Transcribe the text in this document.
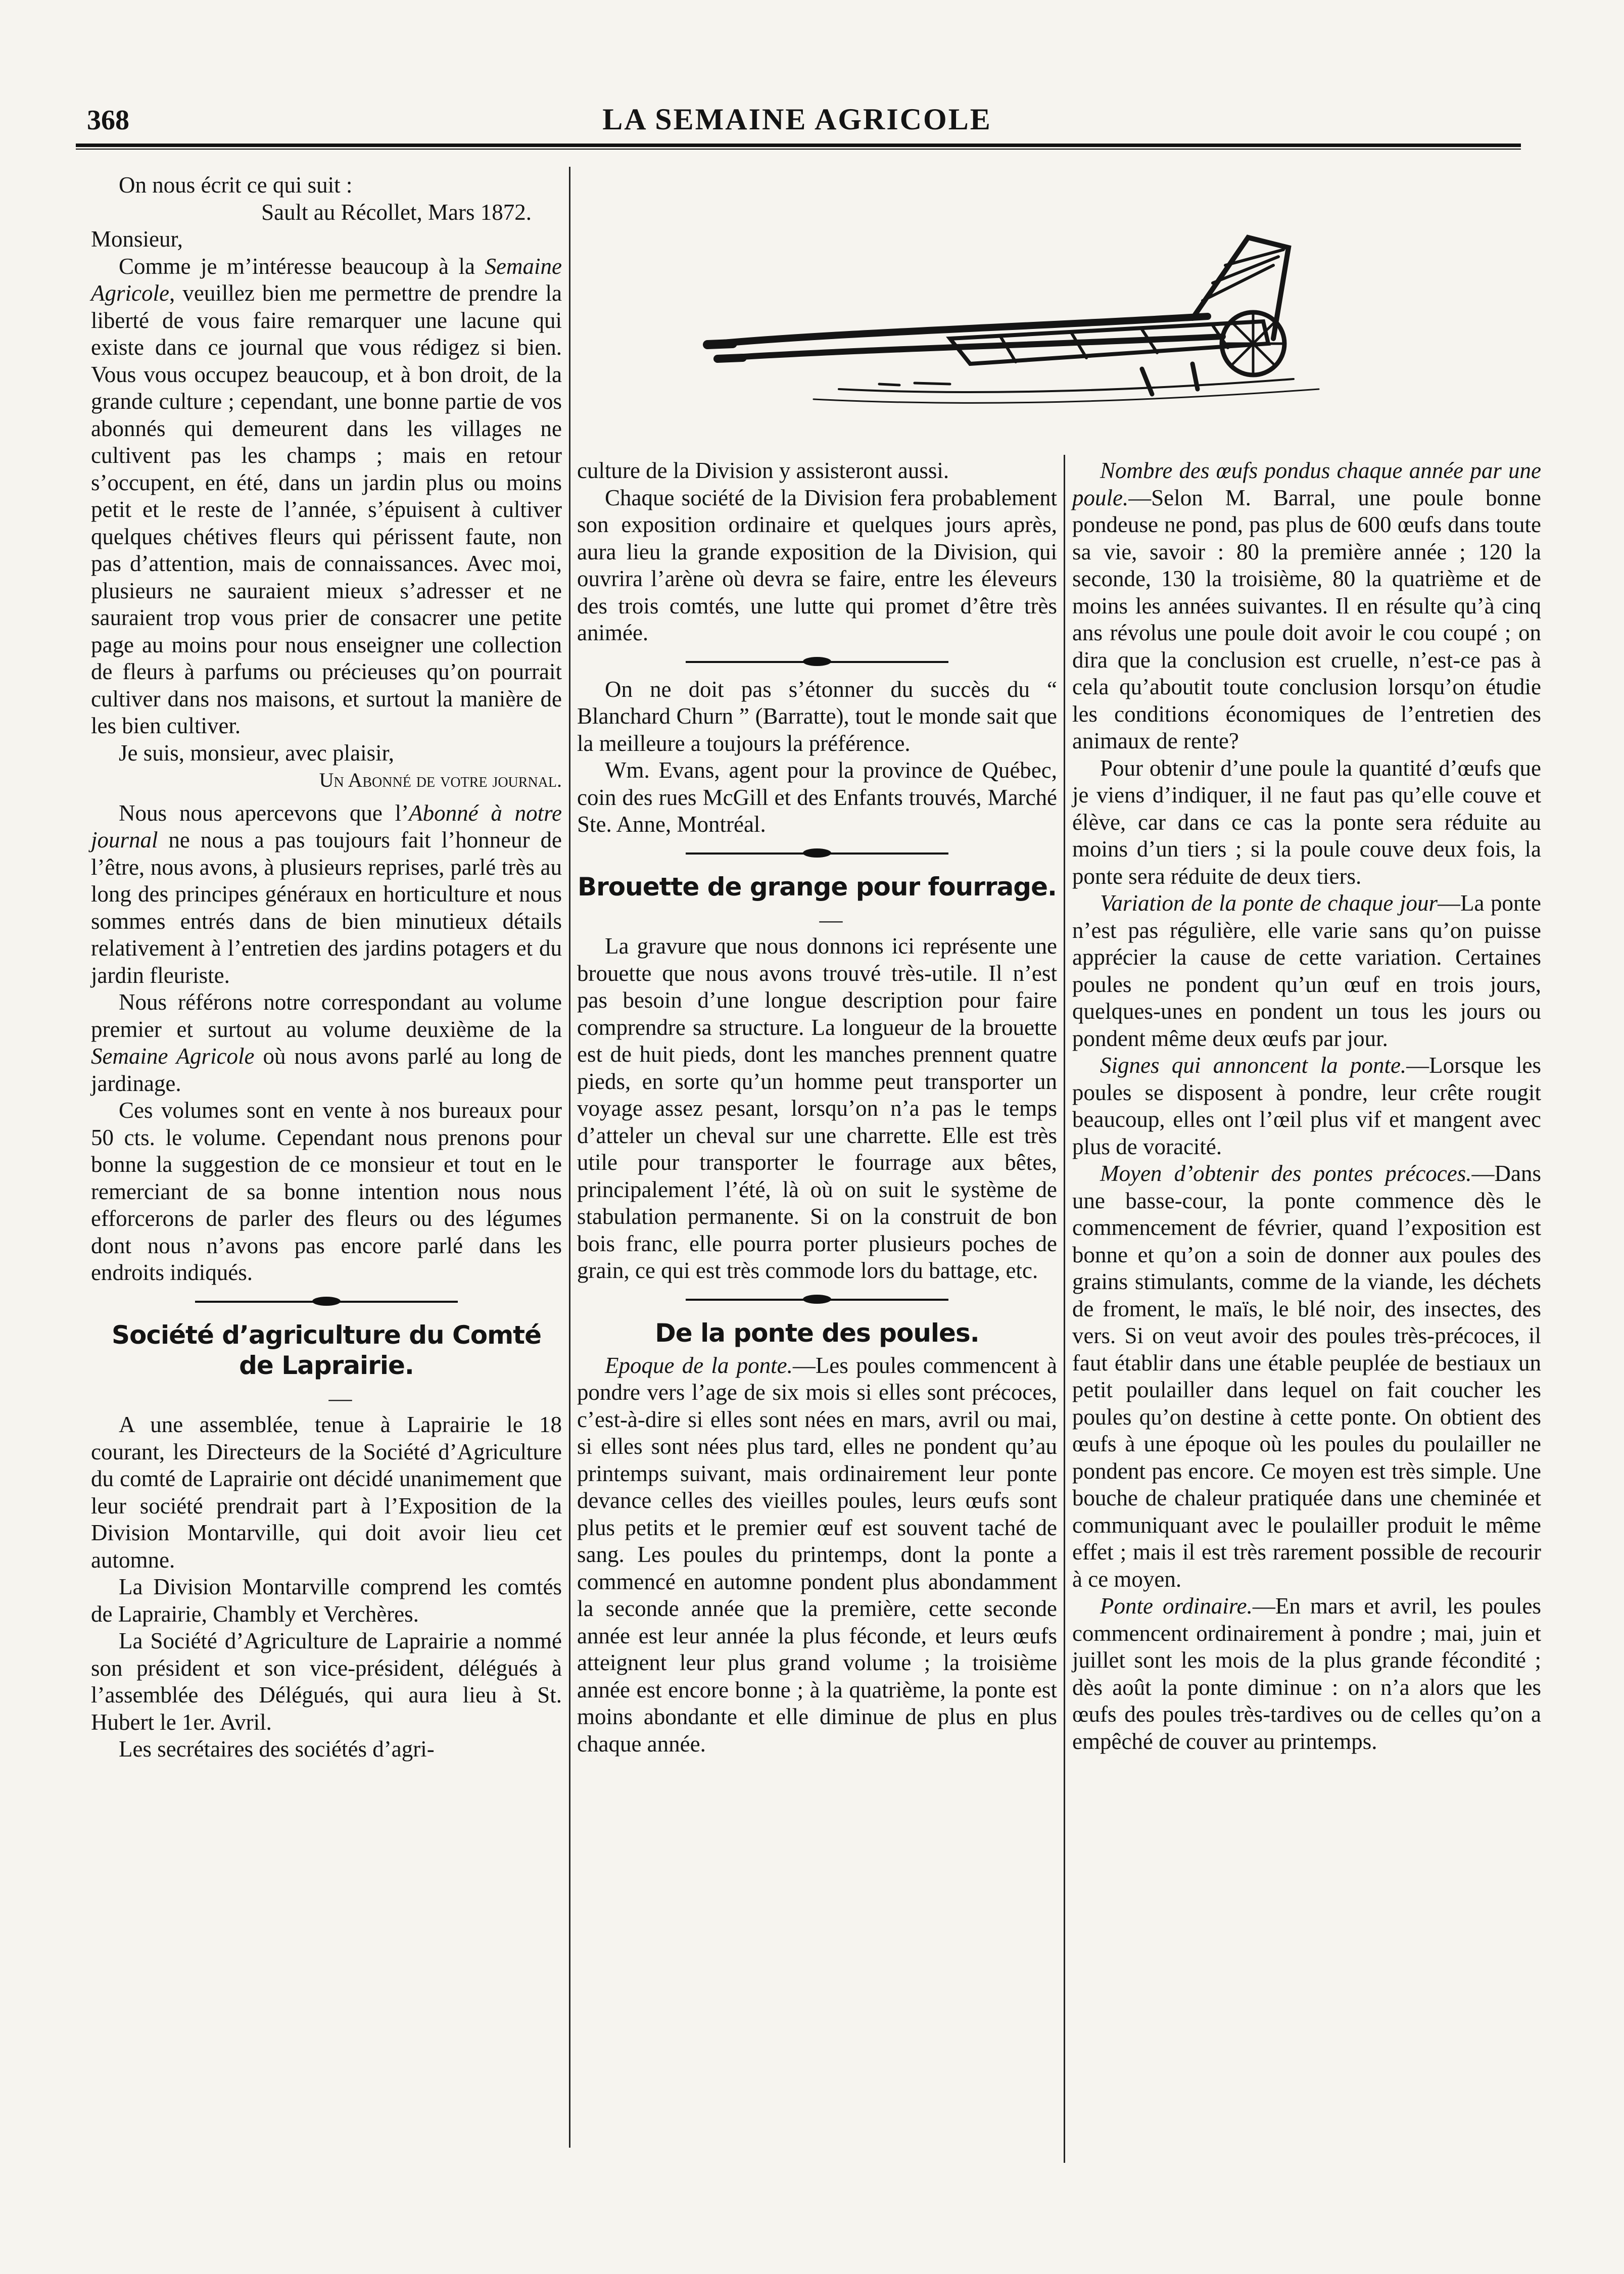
368	LA SEMAINE AGRICOLE

On nous écrit ce qui suit :

Sault au Récollet, Mars 1872.

Monsieur,

Comme je m’intéresse beaucoup à la Semaine Agricole, veuillez bien me permettre de prendre la liberté de vous faire remarquer une lacune qui existe dans ce journal que vous rédigez si bien. Vous vous occupez beaucoup, et à bon droit, de la grande culture ; cependant, une bonne partie de vos abonnés qui demeurent dans les villages ne cultivent pas les champs ; mais en retour s’occupent, en été, dans un jardin plus ou moins petit et le reste de l’année, s’épuisent à cultiver quelques chétives fleurs qui périssent faute, non pas d’attention, mais de connaissances. Avec moi, plusieurs ne sauraient mieux s’adresser et ne sauraient trop vous prier de consacrer une petite page au moins pour nous enseigner une collection de fleurs à parfums ou précieuses qu’on pourrait cultiver dans nos maisons, et surtout la manière de les bien cultiver.

Je suis, monsieur, avec plaisir,

Un Abonné de votre journal.

Nous nous apercevons que l’Abonné à notre journal ne nous a pas toujours fait l’honneur de l’être, nous avons, à plusieurs reprises, parlé très au long des principes généraux en horticulture et nous sommes entrés dans de bien minutieux détails relativement à l’entretien des jardins potagers et du jardin fleuriste.

Nous référons notre correspondant au volume premier et surtout au volume deuxième de la Semaine Agricole où nous avons parlé au long de jardinage.

Ces volumes sont en vente à nos bureaux pour 50 cts. le volume. Cependant nous prenons pour bonne la suggestion de ce monsieur et tout en le remerciant de sa bonne intention nous nous efforcerons de parler des fleurs ou des légumes dont nous n’avons pas encore parlé dans les endroits indiqués.

Société d’agriculture du Comté de Laprairie.

—

A une assemblée, tenue à Laprairie le 18 courant, les Directeurs de la Société d’Agriculture du comté de Laprairie ont décidé unanimement que leur société prendrait part à l’Exposition de la Division Montarville, qui doit avoir lieu cet automne.

La Division Montarville comprend les comtés de Laprairie, Chambly et Verchères.

La Société d’Agriculture de Laprairie a nommé son président et son vice-président, délégués à l’assemblée des Délégués, qui aura lieu à St. Hubert le 1er. Avril.

Les secrétaires des sociétés d’agri-

culture de la Division y assisteront aussi.

Chaque société de la Division fera probablement son exposition ordinaire et quelques jours après, aura lieu la grande exposition de la Division, qui ouvrira l’arène où devra se faire, entre les éleveurs des trois comtés, une lutte qui promet d’être très animée.

On ne doit pas s’étonner du succès du “ Blanchard Churn ” (Barratte), tout le monde sait que la meilleure a toujours la préférence.

Wm. Evans, agent pour la province de Québec, coin des rues McGill et des Enfants trouvés, Marché Ste. Anne, Montréal.

Brouette de grange pour fourrage.

—

La gravure que nous donnons ici représente une brouette que nous avons trouvé très-utile. Il n’est pas besoin d’une longue description pour faire comprendre sa structure. La longueur de la brouette est de huit pieds, dont les manches prennent quatre pieds, en sorte qu’un homme peut transporter un voyage assez pesant, lorsqu’on n’a pas le temps d’atteler un cheval sur une charrette. Elle est très utile pour transporter le fourrage aux bêtes, principalement l’été, là où on suit le système de stabulation permanente. Si on la construit de bon bois franc, elle pourra porter plusieurs poches de grain, ce qui est très commode lors du battage, etc.

De la ponte des poules.

Epoque de la ponte.—Les poules commencent à pondre vers l’age de six mois si elles sont précoces, c’est-à-dire si elles sont nées en mars, avril ou mai, si elles sont nées plus tard, elles ne pondent qu’au printemps suivant, mais ordinairement leur ponte devance celles des vieilles poules, leurs œufs sont plus petits et le premier œuf est souvent taché de sang. Les poules du printemps, dont la ponte a commencé en automne pondent plus abondamment la seconde année que la première, cette seconde année est leur année la plus féconde, et leurs œufs atteignent leur plus grand volume ; la troisième année est encore bonne ; à la quatrième, la ponte est moins abondante et elle diminue de plus en plus chaque année.

Nombre des œufs pondus chaque année par une poule.—Selon M. Barral, une poule bonne pondeuse ne pond, pas plus de 600 œufs dans toute sa vie, savoir : 80 la première année ; 120 la seconde, 130 la troisième, 80 la quatrième et de moins les années suivantes. Il en résulte qu’à cinq ans révolus une poule doit avoir le cou coupé ; on dira que la conclusion est cruelle, n’est-ce pas à cela qu’aboutit toute conclusion lorsqu’on étudie les conditions économiques de l’entretien des animaux de rente?

Pour obtenir d’une poule la quantité d’œufs que je viens d’indiquer, il ne faut pas qu’elle couve et élève, car dans ce cas la ponte sera réduite au moins d’un tiers ; si la poule couve deux fois, la ponte sera réduite de deux tiers.

Variation de la ponte de chaque jour—La ponte n’est pas régulière, elle varie sans qu’on puisse apprécier la cause de cette variation. Certaines poules ne pondent qu’un œuf en trois jours, quelques-unes en pondent un tous les jours ou pondent même deux œufs par jour.

Signes qui annoncent la ponte.—Lorsque les poules se disposent à pondre, leur crête rougit beaucoup, elles ont l’œil plus vif et mangent avec plus de voracité.

Moyen d’obtenir des pontes précoces.—Dans une basse-cour, la ponte commence dès le commencement de février, quand l’exposition est bonne et qu’on a soin de donner aux poules des grains stimulants, comme de la viande, les déchets de froment, le maïs, le blé noir, des insectes, des vers. Si on veut avoir des poules très-précoces, il faut établir dans une étable peuplée de bestiaux un petit poulailler dans lequel on fait coucher les poules qu’on destine à cette ponte. On obtient des œufs à une époque où les poules du poulailler ne pondent pas encore. Ce moyen est très simple. Une bouche de chaleur pratiquée dans une cheminée et communiquant avec le poulailler produit le même effet ; mais il est très rarement possible de recourir à ce moyen.

Ponte ordinaire.—En mars et avril, les poules commencent ordinairement à pondre ; mai, juin et juillet sont les mois de la plus grande fécondité ; dès août la ponte diminue : on n’a alors que les œufs des poules très-tardives ou de celles qu’on a empêché de couver au printemps.
